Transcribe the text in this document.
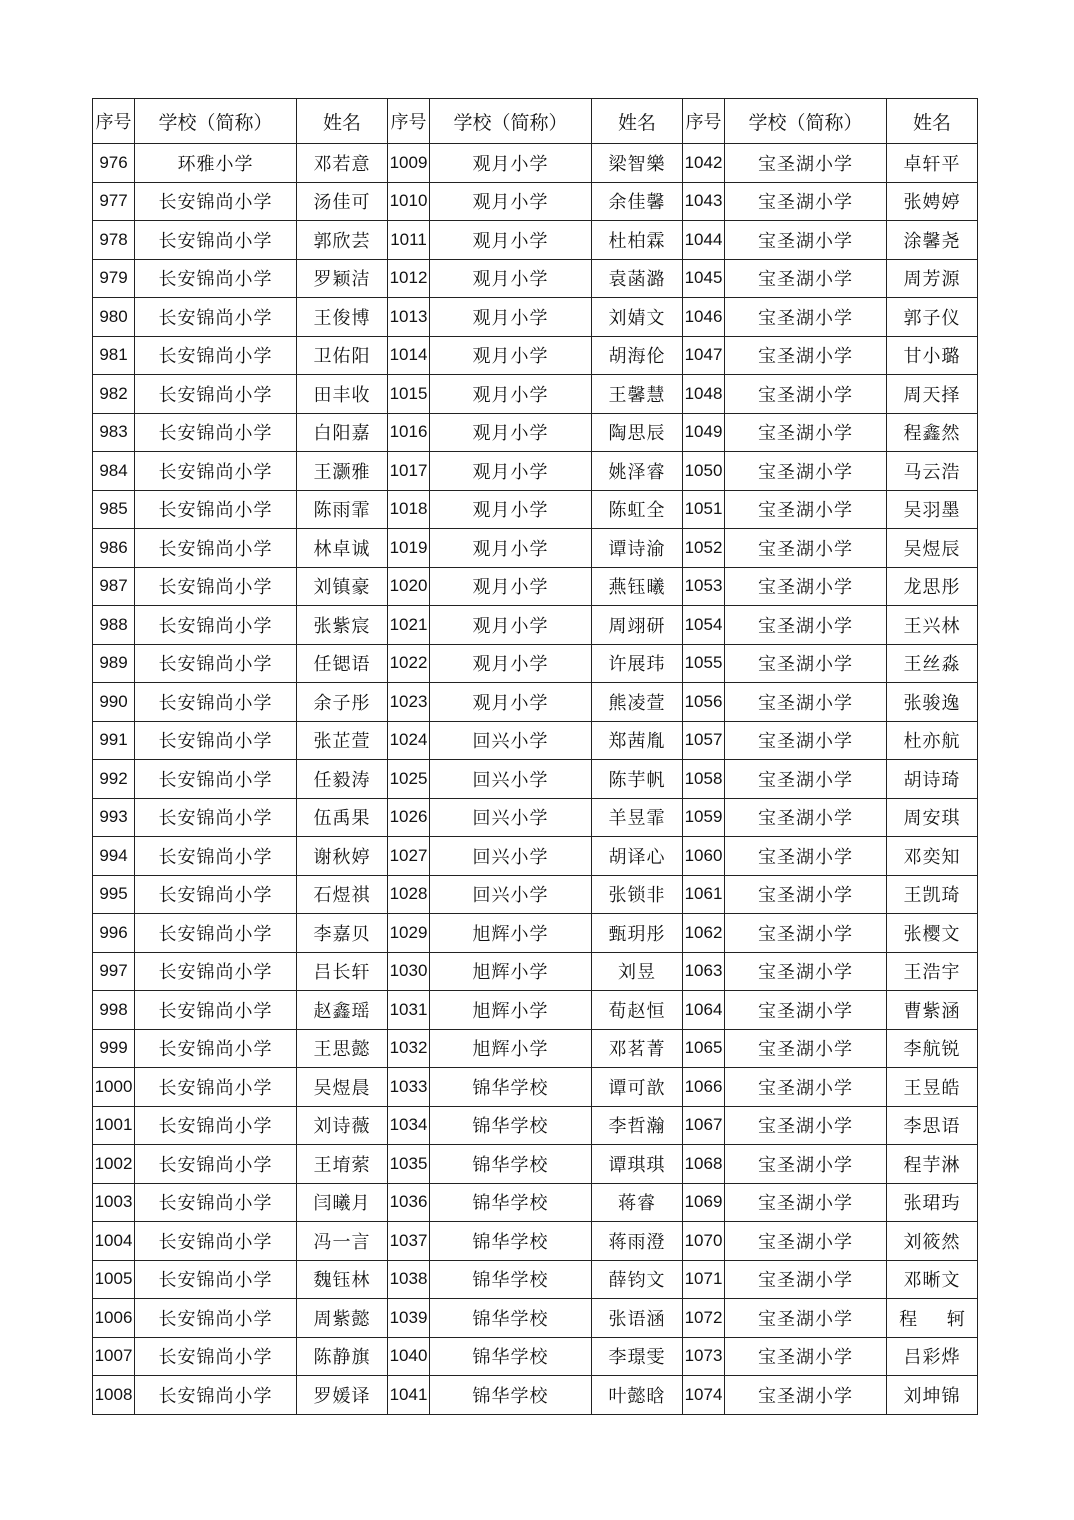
序号	学校（简称）	姓名	序号	学校（简称）	姓名	序号	学校（简称）	姓名
976	环雅小学	邓若意	1009	观月小学	梁智樂	1042	宝圣湖小学	卓轩平
977	长安锦尚小学	汤佳可	1010	观月小学	余佳馨	1043	宝圣湖小学	张娉婷
978	长安锦尚小学	郭欣芸	1011	观月小学	杜柏霖	1044	宝圣湖小学	涂馨尧
979	长安锦尚小学	罗颖洁	1012	观月小学	袁菡潞	1045	宝圣湖小学	周芳源
980	长安锦尚小学	王俊博	1013	观月小学	刘婧文	1046	宝圣湖小学	郭子仪
981	长安锦尚小学	卫佑阳	1014	观月小学	胡海伦	1047	宝圣湖小学	甘小璐
982	长安锦尚小学	田丰收	1015	观月小学	王馨慧	1048	宝圣湖小学	周天择
983	长安锦尚小学	白阳嘉	1016	观月小学	陶思辰	1049	宝圣湖小学	程鑫然
984	长安锦尚小学	王灏雅	1017	观月小学	姚泽睿	1050	宝圣湖小学	马云浩
985	长安锦尚小学	陈雨霏	1018	观月小学	陈虹全	1051	宝圣湖小学	吴羽墨
986	长安锦尚小学	林卓诚	1019	观月小学	谭诗渝	1052	宝圣湖小学	吴煜辰
987	长安锦尚小学	刘镇豪	1020	观月小学	燕钰曦	1053	宝圣湖小学	龙思彤
988	长安锦尚小学	张紫宸	1021	观月小学	周翊研	1054	宝圣湖小学	王兴林
989	长安锦尚小学	任锶语	1022	观月小学	许展玮	1055	宝圣湖小学	王丝淼
990	长安锦尚小学	余子彤	1023	观月小学	熊凌萱	1056	宝圣湖小学	张骏逸
991	长安锦尚小学	张芷萱	1024	回兴小学	郑茜胤	1057	宝圣湖小学	杜亦航
992	长安锦尚小学	任毅涛	1025	回兴小学	陈芋帆	1058	宝圣湖小学	胡诗琦
993	长安锦尚小学	伍禹果	1026	回兴小学	羊昱霏	1059	宝圣湖小学	周安琪
994	长安锦尚小学	谢秋婷	1027	回兴小学	胡译心	1060	宝圣湖小学	邓奕知
995	长安锦尚小学	石煜祺	1028	回兴小学	张锁非	1061	宝圣湖小学	王凯琦
996	长安锦尚小学	李嘉贝	1029	旭辉小学	甄玥彤	1062	宝圣湖小学	张樱文
997	长安锦尚小学	吕长轩	1030	旭辉小学	刘昱	1063	宝圣湖小学	王浩宇
998	长安锦尚小学	赵鑫瑶	1031	旭辉小学	荀赵恒	1064	宝圣湖小学	曹紫涵
999	长安锦尚小学	王思懿	1032	旭辉小学	邓茗菁	1065	宝圣湖小学	李航锐
1000	长安锦尚小学	吴煜晨	1033	锦华学校	谭可歆	1066	宝圣湖小学	王昱皓
1001	长安锦尚小学	刘诗薇	1034	锦华学校	李哲瀚	1067	宝圣湖小学	李思语
1002	长安锦尚小学	王堉萦	1035	锦华学校	谭琪琪	1068	宝圣湖小学	程芋淋
1003	长安锦尚小学	闫曦月	1036	锦华学校	蒋睿	1069	宝圣湖小学	张珺玙
1004	长安锦尚小学	冯一言	1037	锦华学校	蒋雨澄	1070	宝圣湖小学	刘筱然
1005	长安锦尚小学	魏钰林	1038	锦华学校	薛钧文	1071	宝圣湖小学	邓晰文
1006	长安锦尚小学	周紫懿	1039	锦华学校	张语涵	1072	宝圣湖小学	程 轲
1007	长安锦尚小学	陈静旗	1040	锦华学校	李璟雯	1073	宝圣湖小学	吕彩烨
1008	长安锦尚小学	罗媛译	1041	锦华学校	叶懿晗	1074	宝圣湖小学	刘坤锦
